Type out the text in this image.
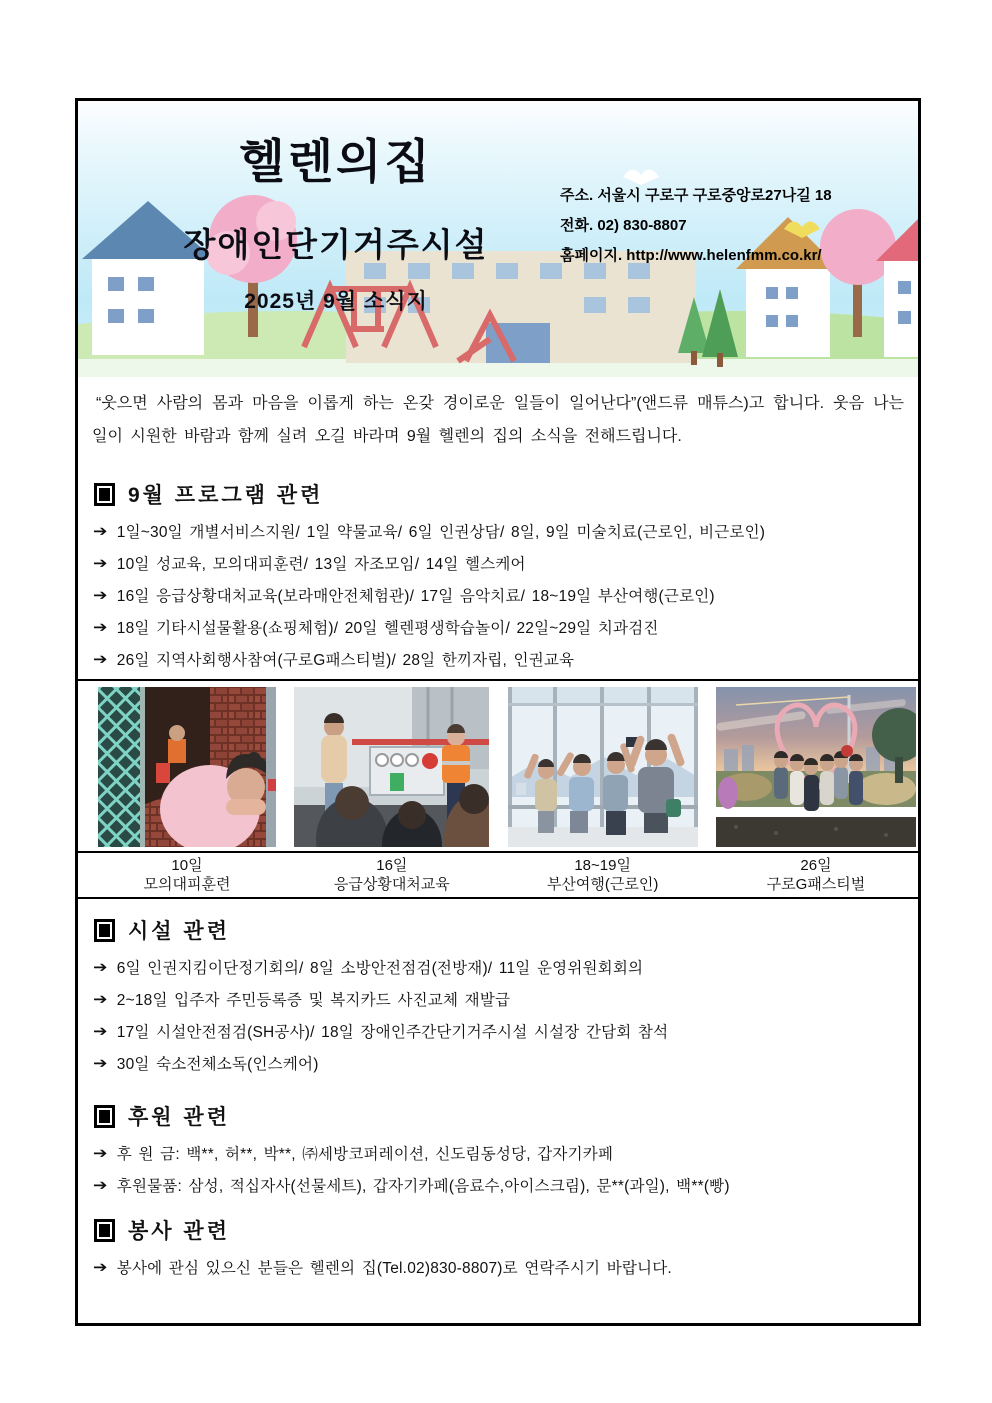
헬렌의집
장애인단기거주시설
2025년 9월 소식지
주소. 서울시 구로구 구로중앙로27나길 18
전화. 02) 830-8807
홈페이지. http://www.helenfmm.co.kr/

“웃으면 사람의 몸과 마음을 이롭게 하는 온갖 경이로운 일들이 일어난다”(앤드류 매튜스)고 합니다. 웃음 나는 일이 시원한 바람과 함께 실려 오길 바라며 9월 헬렌의 집의 소식을 전해드립니다.

9월 프로그램 관련
➔ 1일~30일 개별서비스지원/ 1일 약물교육/ 6일 인권상담/ 8일, 9일 미술치료(근로인, 비근로인)
➔ 10일 성교육, 모의대피훈련/ 13일 자조모임/ 14일 헬스케어
➔ 16일 응급상황대처교육(보라매안전체험관)/ 17일 음악치료/ 18~19일 부산여행(근로인)
➔ 18일 기타시설물활용(쇼핑체험)/ 20일 헬렌평생학습놀이/ 22일~29일 치과검진
➔ 26일 지역사회행사참여(구로G패스티벌)/ 28일 한끼자립, 인권교육
10일
모의대피훈련
16일
응급상황대처교육
18~19일
부산여행(근로인)
26일
구로G패스티벌
시설 관련
➔ 6일 인권지킴이단정기회의/ 8일 소방안전점검(전방재)/ 11일 운영위원회회의
➔ 2~18일 입주자 주민등록증 및 복지카드 사진교체 재발급
➔ 17일 시설안전점검(SH공사)/ 18일 장애인주간단기거주시설 시설장 간담회 참석
➔ 30일 숙소전체소독(인스케어)
후원 관련
➔ 후 원 금: 백**, 허**, 박**, ㈜세방코퍼레이션, 신도림동성당, 갑자기카페
➔ 후원물품: 삼성, 적십자사(선물세트), 갑자기카페(음료수,아이스크림), 문**(과일), 백**(빵)
봉사 관련
➔ 봉사에 관심 있으신 분들은 헬렌의 집(Tel.02)830-8807)로 연락주시기 바랍니다.
